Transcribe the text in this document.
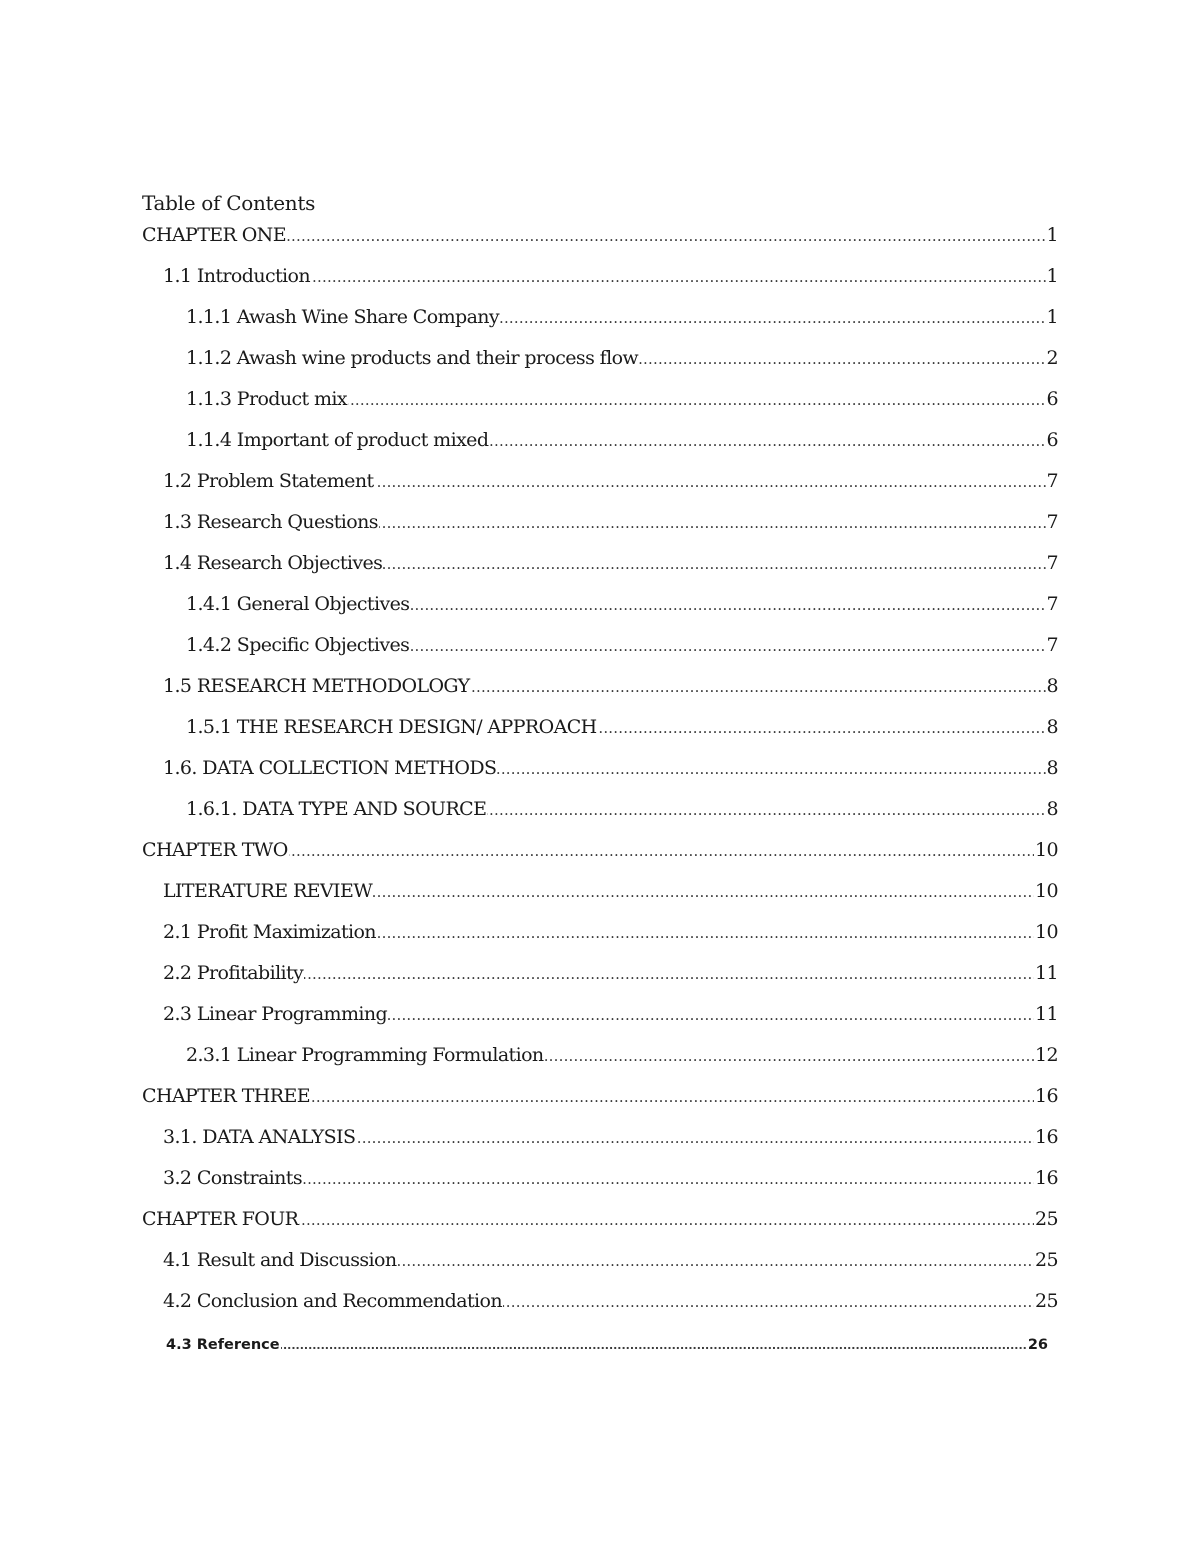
Table of Contents
.....
CHAPTER ONE	1
.....
1.1 Introduction	1
.....
1.1.1 Awash Wine Share Company	1
.....
1.1.2 Awash wine products and their process flow	2
.....
1.1.3 Product mix	6
.....
1.1.4 Important of product mixed	6
.....
1.2 Problem Statement	7
.....
1.3 Research Questions	7
.....
1.4 Research Objectives	7
.....
1.4.1 General Objectives	7
.....
1.4.2 Specific Objectives	7
.....
1.5 RESEARCH METHODOLOGY	8
.....
1.5.1 THE RESEARCH DESIGN/ APPROACH	8
.....
1.6. DATA COLLECTION METHODS	8
.....
1.6.1. DATA TYPE AND SOURCE	8
.....
CHAPTER TWO	10
.....
LITERATURE REVIEW	10
.....
2.1 Profit Maximization	10
.....
2.2 Profitability	11
.....
2.3 Linear Programming	11
.....
2.3.1 Linear Programming Formulation	12
.....
CHAPTER THREE	16
.....
3.1. DATA ANALYSIS	16
.....
3.2 Constraints	16
.....
CHAPTER FOUR	25
.....
4.1 Result and Discussion	25
.....
4.2 Conclusion and Recommendation	25
.....
4.3 Reference	26
